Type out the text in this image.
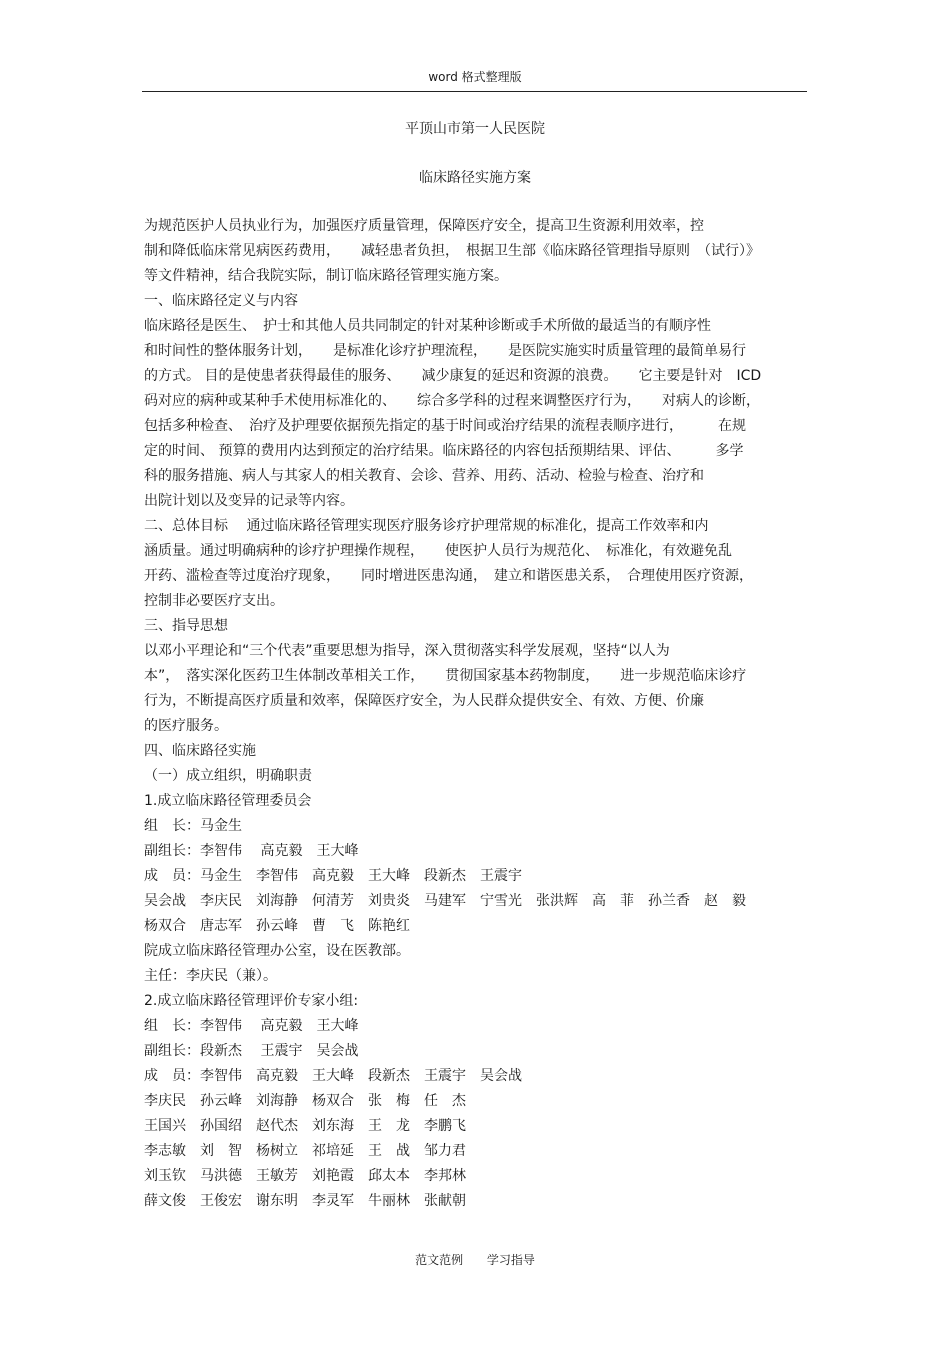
word 格式整理版
平顶山市第一人民医院
临床路径实施方案
为规范医护人员执业行为，加强医疗质量管理，保障医疗安全，提高卫生资源利用效率，控
制和降低临床常见病医药费用，　　减轻患者负担，　根据卫生部《临床路径管理指导原则　（试行）》
等文件精神，结合我院实际，制订临床路径管理实施方案。
一、临床路径定义与内容
临床路径是医生、　护士和其他人员共同制定的针对某种诊断或手术所做的最适当的有顺序性
和时间性的整体服务计划，　　是标准化诊疗护理流程，　　是医院实施实时质量管理的最简单易行
的方式。 目的是使患者获得最佳的服务、　　减少康复的延迟和资源的浪费。　　它主要是针对　ICD
码对应的病种或某种手术使用标准化的、　　综合多学科的过程来调整医疗行为，　　对病人的诊断，
包括多种检查、　治疗及护理要依据预先指定的基于时间或治疗结果的流程表顺序进行，　　　在规
定的时间、 预算的费用内达到预定的治疗结果。临床路径的内容包括预期结果、评估、　　　多学
科的服务措施、病人与其家人的相关教育、会诊、营养、用药、活动、检验与检查、治疗和
出院计划以及变异的记录等内容。
二、总体目标　 通过临床路径管理实现医疗服务诊疗护理常规的标准化，提高工作效率和内
涵质量。通过明确病种的诊疗护理操作规程，　　使医护人员行为规范化、　标准化，有效避免乱
开药、滥检查等过度治疗现象，　　同时增进医患沟通，　建立和谐医患关系，　合理使用医疗资源，
控制非必要医疗支出。
三、指导思想
以邓小平理论和“三个代表”重要思想为指导，深入贯彻落实科学发展观，坚持“以人为
本”，　落实深化医药卫生体制改革相关工作，　　贯彻国家基本药物制度，　　进一步规范临床诊疗
行为，不断提高医疗质量和效率，保障医疗安全，为人民群众提供安全、有效、方便、价廉
的医疗服务。
四、临床路径实施
（一）成立组织，明确职责
1.成立临床路径管理委员会
组　长：马金生
副组长：李智伟　 高克毅　王大峰
成　员：马金生　李智伟　高克毅　王大峰　段新杰　王震宇
吴会战　李庆民　刘海静　何清芳　刘贵炎　马建军　宁雪光　张洪辉　高　菲　孙兰香　赵　毅
杨双合　唐志军　孙云峰　曹　飞　陈艳红
院成立临床路径管理办公室，设在医教部。
主任：李庆民（兼）。
2.成立临床路径管理评价专家小组:
组　长：李智伟　 高克毅　王大峰
副组长：段新杰　 王震宇　吴会战
成　员：李智伟　高克毅　王大峰　段新杰　王震宇　吴会战
李庆民　孙云峰　刘海静　杨双合　张　梅　任　杰
王国兴　孙国绍　赵代杰　刘东海　王　龙　李鹏飞
李志敏　刘　智　杨树立　祁培延　王　战　邹力君
刘玉钦　马洪德　王敏芳　刘艳霞　邱太本　李邦林
薛文俊　王俊宏　谢东明　李灵军　牛丽林　张献朝
范文范例 学习指导
